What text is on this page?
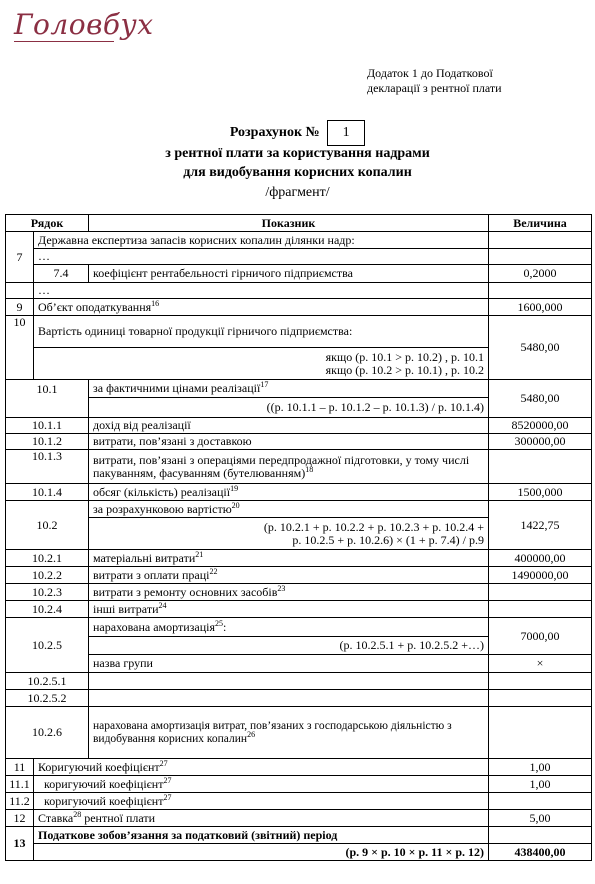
Головбух
Додаток 1 до Податкової
декларації з рентної плати
Розрахунок № 1
з рентної плати за користування надрами
для видобування корисних копалин
/фрагмент/
Рядок		Показник	Величина
7	Державна експертиза запасів корисних копалин ділянки надр:		
	…		
	7.4	коефіцієнт рентабельності гірничого підприємства	0,2000
	…		
9	Об’єкт оподаткування$^{16}$		1600,000
10	Вартість одиниці товарної продукції гірничого підприємства:		5480,00

	якщо (р. 10.1 > р. 10.2) , р. 10.1
якщо (р. 10.2 > р. 10.1) , р. 10.2		

10.1		за фактичними цінами реалізації$^{17}$	5480,00
		((р. 10.1.1 – р. 10.1.2 – р. 10.1.3) / р. 10.1.4)	
10.1.1		дохід від реалізації	8520000,00
10.1.2		витрати, пов’язані з доставкою	300000,00
10.1.3		витрати, пов’язані з операціями передпродажної підготовки, у тому числі пакуванням, фасуванням (бутелюванням)$^{18}$	
10.1.4		обсяг (кількість) реалізації$^{19}$	1500,000
10.2		за розрахунковою вартістю$^{20}$	1422,75

		(р. 10.2.1 + р. 10.2.2 + р. 10.2.3 + р. 10.2.4 +
р. 10.2.5 + р. 10.2.6) × (1 + р. 7.4) / р.9	

10.2.1		матеріальні витрати$^{21}$	400000,00
10.2.2		витрати з оплати праці$^{22}$	1490000,00
10.2.3		витрати з ремонту основних засобів$^{23}$	
10.2.4		інші витрати$^{24}$	
10.2.5		нарахована амортизація$^{25}$:	7000,00
		(р. 10.2.5.1 + р. 10.2.5.2 +…)	
		назва групи	×
10.2.5.1			
10.2.5.2			
10.2.6		нарахована амортизація витрат, пов’язаних з господарською діяльністю з видобування корисних копалин$^{26}$	
11	Коригуючий коефіцієнт$^{27}$		1,00
11.1	коригуючий коефіцієнт$^{27}$		1,00
11.2	коригуючий коефіцієнт$^{27}$	
12	Ставка$^{28}$ рентної плати		5,00
13	Податкове зобов’язання за податковий (звітний) період		
	(р. 9 × р. 10 × р. 11 × р. 12)		438400,00
